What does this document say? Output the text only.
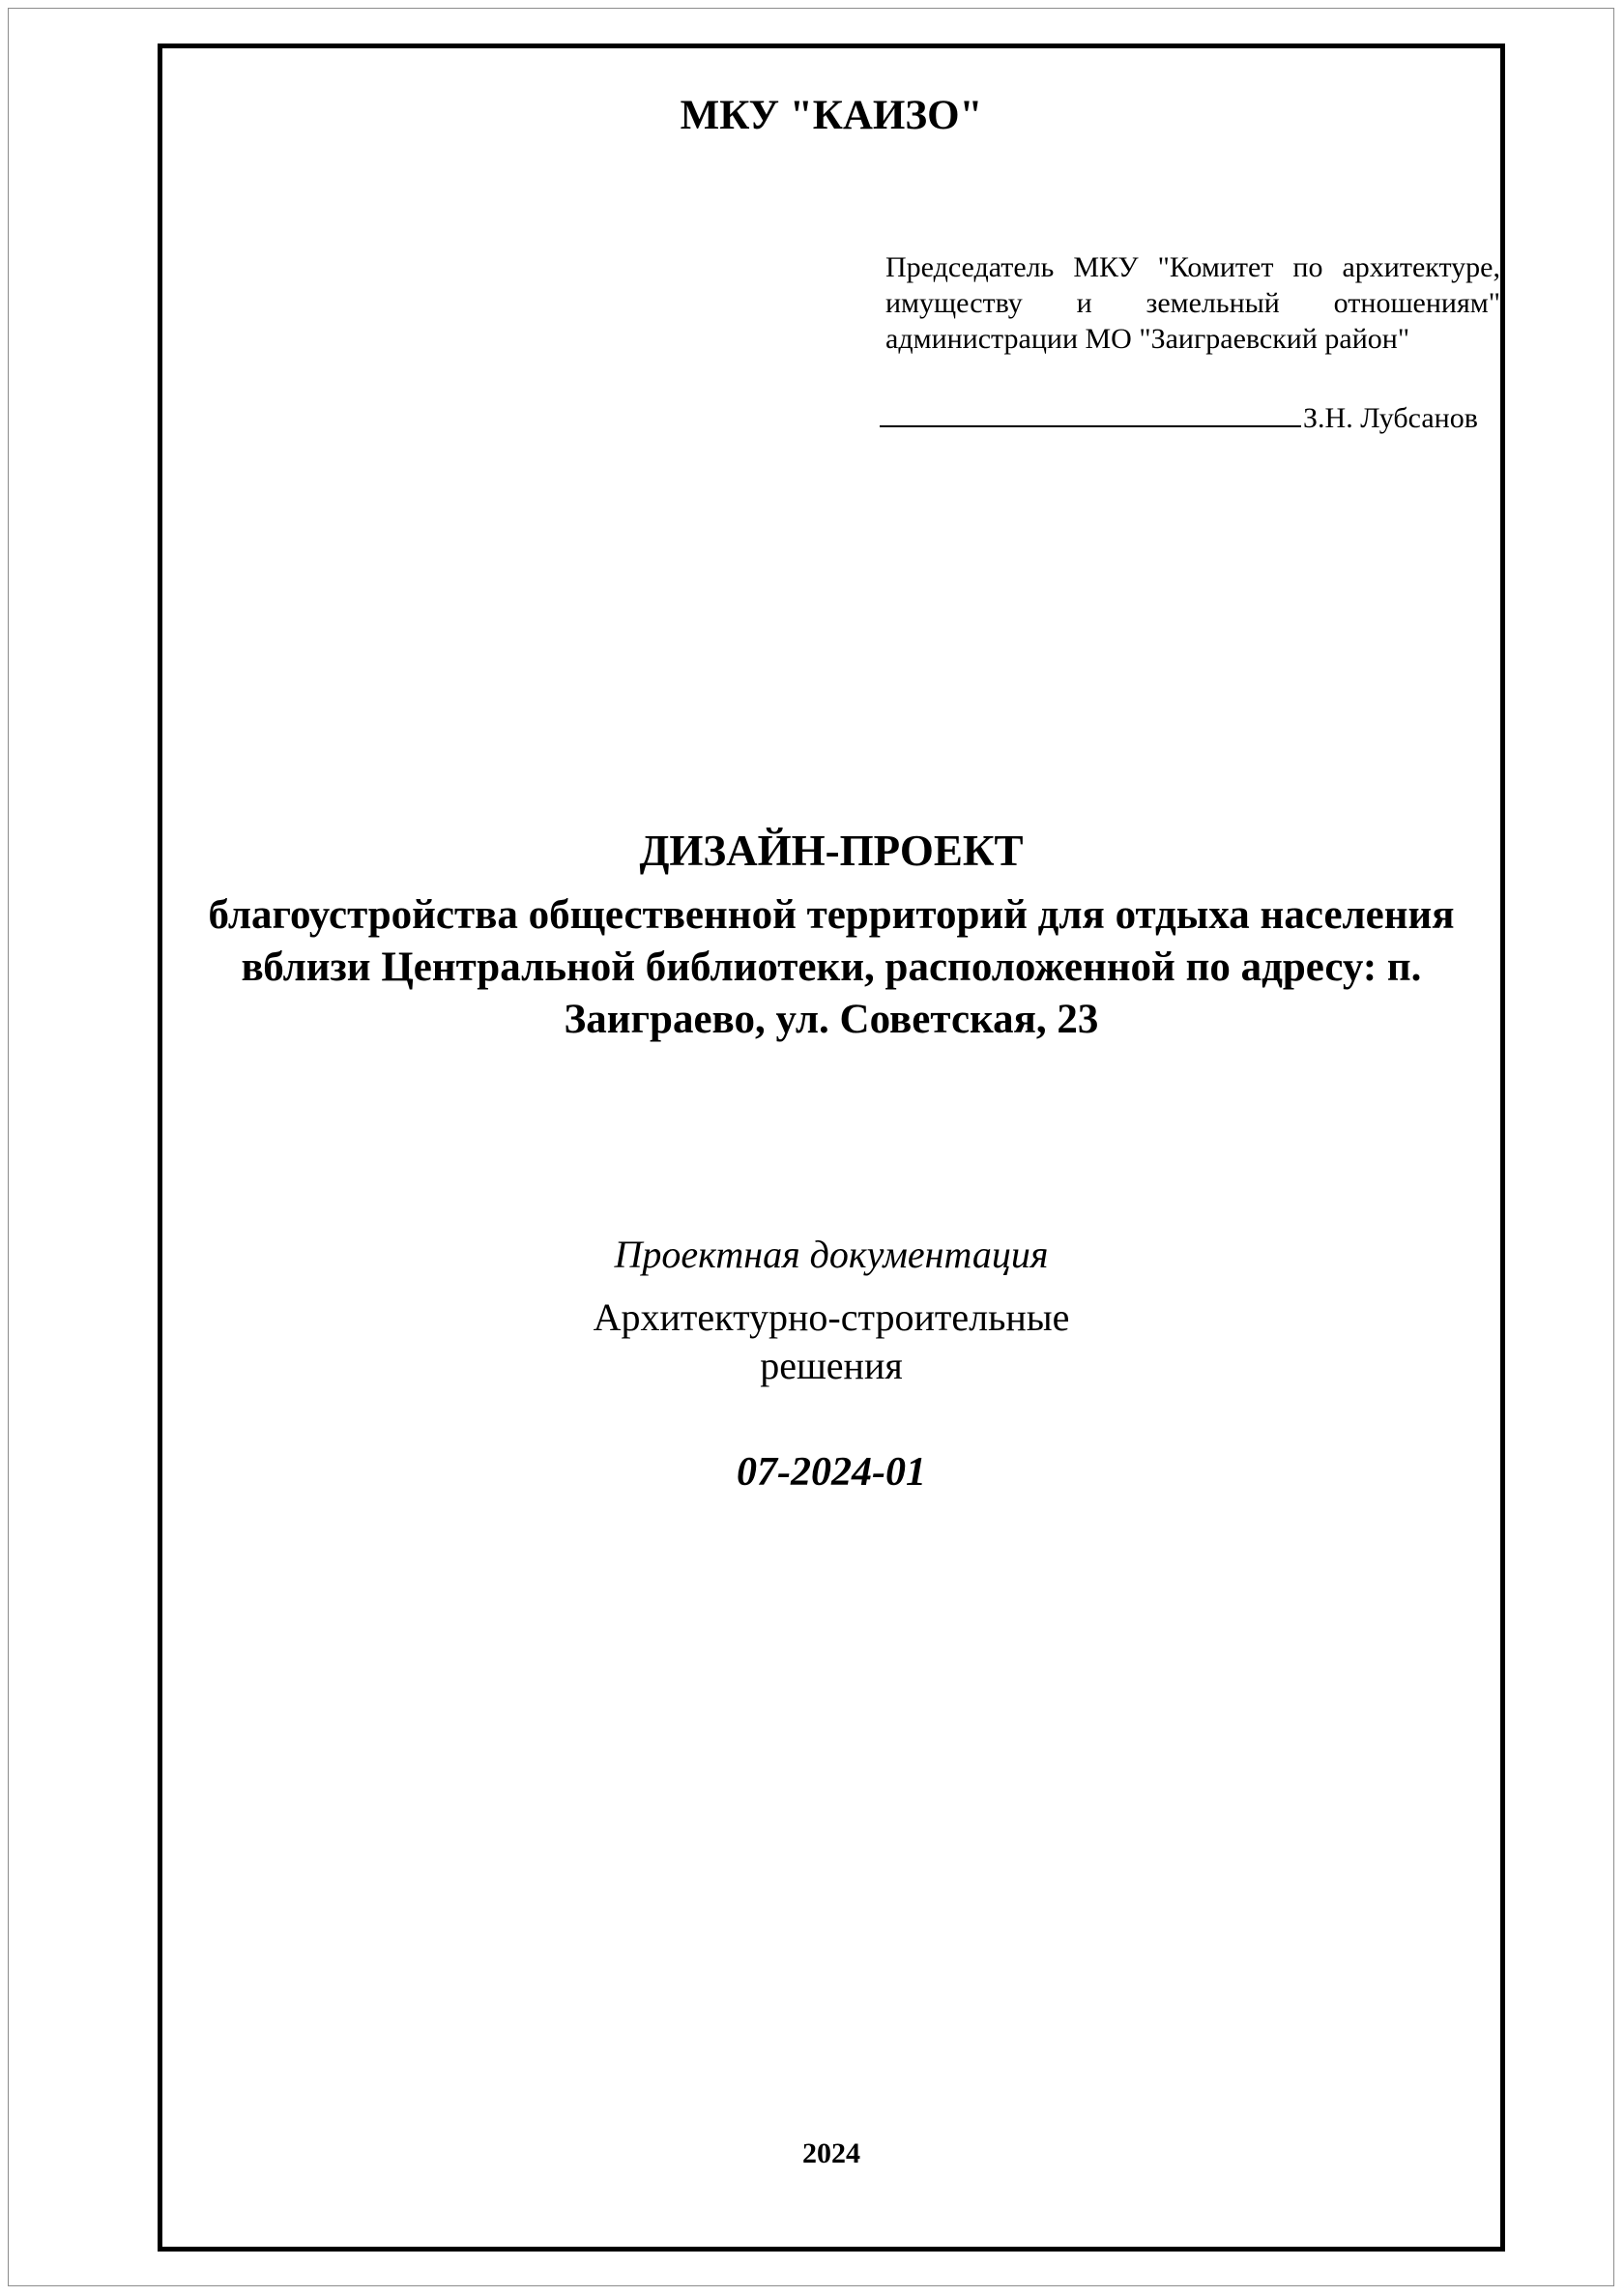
МКУ "КАИЗО"
Председатель МКУ "Комитет по архитектуре,
имуществу и земельный отношениям"
администрации МО "Заиграевский район"
З.Н. Лубсанов
ДИЗАЙН-ПРОЕКТ
благоустройства общественной территорий для отдыха населения
вблизи Центральной библиотеки, расположенной по адресу: п.
Заиграево, ул. Советская, 23
Проектная документация
Архитектурно-строительные
решения
07-2024-01
2024
